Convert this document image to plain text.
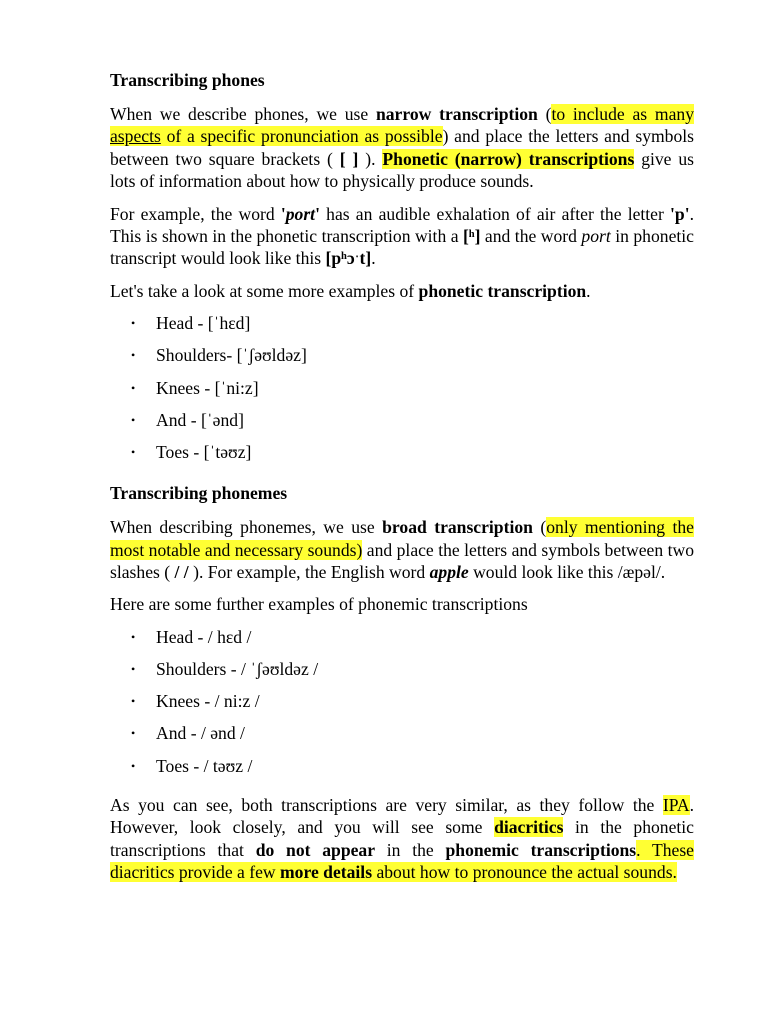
Transcribing phones

When we describe phones, we use narrow transcription (to include as many aspects of a specific pronunciation as possible) and place the letters and symbols between two square brackets ( [ ] ). Phonetic (narrow) transcriptions give us lots of information about how to physically produce sounds.

For example, the word 'port' has an audible exhalation of air after the letter 'p'. This is shown in the phonetic transcription with a [ʰ] and the word port in phonetic transcript would look like this [pʰɔˑt].

Let's take a look at some more examples of phonetic transcription.

• Head - [ˈhɛd]
• Shoulders- [ˈʃəʊldəz]
• Knees - [ˈni:z]
• And - [ˈənd]
• Toes - [ˈtəʊz]
Transcribing phonemes

When describing phonemes, we use broad transcription (only mentioning the most notable and necessary sounds) and place the letters and symbols between two slashes ( / / ). For example, the English word apple would look like this /æpəl/.

Here are some further examples of phonemic transcriptions

• Head - / hɛd /
• Shoulders - / ˈʃəʊldəz /
• Knees - / ni:z /
• And - / ənd /
• Toes - / təʊz /

As you can see, both transcriptions are very similar, as they follow the IPA. However, look closely, and you will see some diacritics in the phonetic transcriptions that do not appear in the phonemic transcriptions. These diacritics provide a few more details about how to pronounce the actual sounds.
